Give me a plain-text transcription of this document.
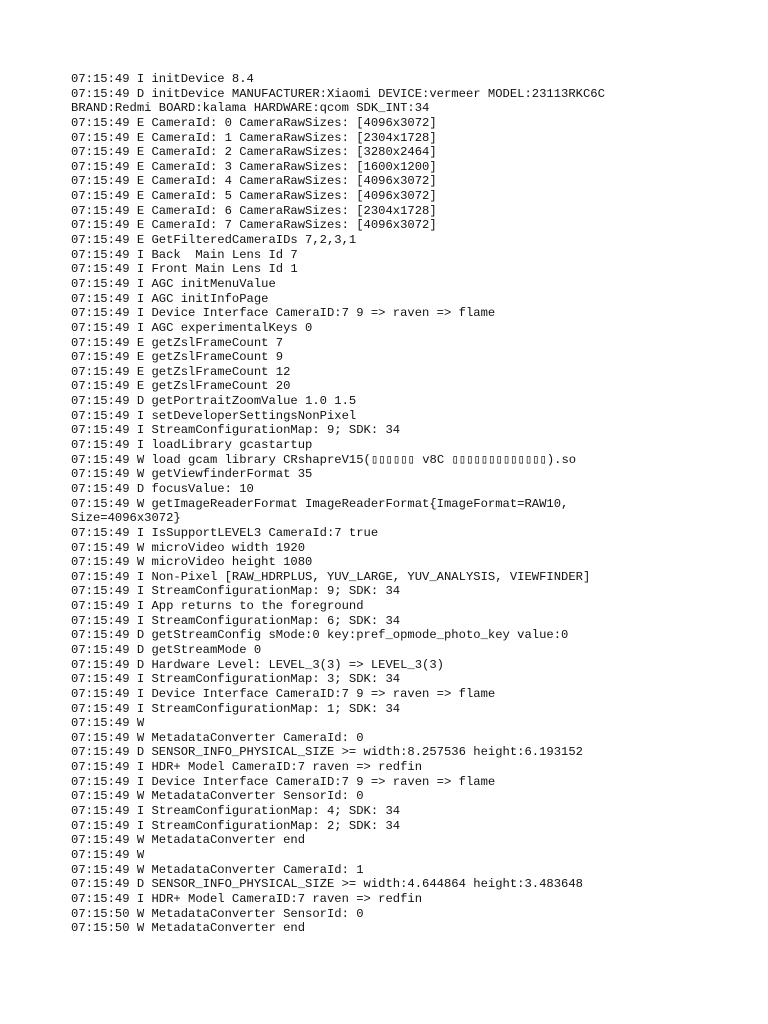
07:15:49 I initDevice 8.4
07:15:49 D initDevice MANUFACTURER:Xiaomi DEVICE:vermeer MODEL:23113RKC6C
BRAND:Redmi BOARD:kalama HARDWARE:qcom SDK_INT:34
07:15:49 E CameraId: 0 CameraRawSizes: [4096x3072]
07:15:49 E CameraId: 1 CameraRawSizes: [2304x1728]
07:15:49 E CameraId: 2 CameraRawSizes: [3280x2464]
07:15:49 E CameraId: 3 CameraRawSizes: [1600x1200]
07:15:49 E CameraId: 4 CameraRawSizes: [4096x3072]
07:15:49 E CameraId: 5 CameraRawSizes: [4096x3072]
07:15:49 E CameraId: 6 CameraRawSizes: [2304x1728]
07:15:49 E CameraId: 7 CameraRawSizes: [4096x3072]
07:15:49 E GetFilteredCameraIDs 7,2,3,1
07:15:49 I Back  Main Lens Id 7
07:15:49 I Front Main Lens Id 1
07:15:49 I AGC initMenuValue
07:15:49 I AGC initInfoPage
07:15:49 I Device Interface CameraID:7 9 => raven => flame
07:15:49 I AGC experimentalKeys 0
07:15:49 E getZslFrameCount 7
07:15:49 E getZslFrameCount 9
07:15:49 E getZslFrameCount 12
07:15:49 E getZslFrameCount 20
07:15:49 D getPortraitZoomValue 1.0 1.5
07:15:49 I setDeveloperSettingsNonPixel
07:15:49 I StreamConfigurationMap: 9; SDK: 34
07:15:49 I loadLibrary gcastartup
07:15:49 W load gcam library CRshapreV15(▯▯▯▯▯▯ v8C ▯▯▯▯▯▯▯▯▯▯▯▯▯).so
07:15:49 W getViewfinderFormat 35
07:15:49 D focusValue: 10
07:15:49 W getImageReaderFormat ImageReaderFormat{ImageFormat=RAW10,
Size=4096x3072}
07:15:49 I IsSupportLEVEL3 CameraId:7 true
07:15:49 W microVideo width 1920
07:15:49 W microVideo height 1080
07:15:49 I Non-Pixel [RAW_HDRPLUS, YUV_LARGE, YUV_ANALYSIS, VIEWFINDER]
07:15:49 I StreamConfigurationMap: 9; SDK: 34
07:15:49 I App returns to the foreground
07:15:49 I StreamConfigurationMap: 6; SDK: 34
07:15:49 D getStreamConfig sMode:0 key:pref_opmode_photo_key value:0
07:15:49 D getStreamMode 0
07:15:49 D Hardware Level: LEVEL_3(3) => LEVEL_3(3)
07:15:49 I StreamConfigurationMap: 3; SDK: 34
07:15:49 I Device Interface CameraID:7 9 => raven => flame
07:15:49 I StreamConfigurationMap: 1; SDK: 34
07:15:49 W
07:15:49 W MetadataConverter CameraId: 0
07:15:49 D SENSOR_INFO_PHYSICAL_SIZE >= width:8.257536 height:6.193152
07:15:49 I HDR+ Model CameraID:7 raven => redfin
07:15:49 I Device Interface CameraID:7 9 => raven => flame
07:15:49 W MetadataConverter SensorId: 0
07:15:49 I StreamConfigurationMap: 4; SDK: 34
07:15:49 I StreamConfigurationMap: 2; SDK: 34
07:15:49 W MetadataConverter end
07:15:49 W
07:15:49 W MetadataConverter CameraId: 1
07:15:49 D SENSOR_INFO_PHYSICAL_SIZE >= width:4.644864 height:3.483648
07:15:49 I HDR+ Model CameraID:7 raven => redfin
07:15:50 W MetadataConverter SensorId: 0
07:15:50 W MetadataConverter end
